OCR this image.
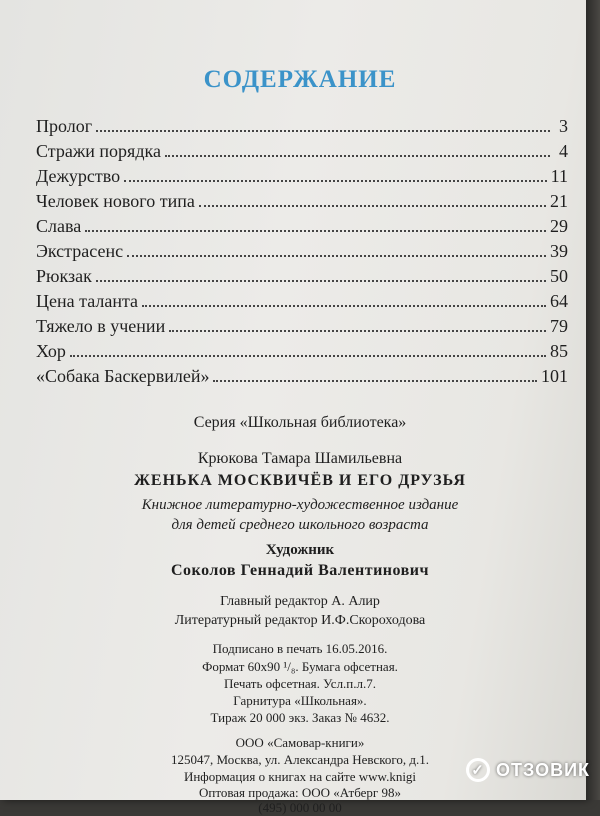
СОДЕРЖАНИЕ
Пролог	3
Стражи порядка	4
Дежурство	11
Человек нового типа	21
Слава	29
Экстрасенс	39
Рюкзак	50
Цена таланта	64
Тяжело в учении	79
Хор	85
«Собака Баскервилей»	101
Серия «Школьная библиотека»
Крюкова Тамара Шамильевна
ЖЕНЬКА МОСКВИЧЁВ И ЕГО ДРУЗЬЯ
Книжное литературно-художественное издание
для детей среднего школьного возраста
Художник
Соколов Геннадий Валентинович
Главный редактор А. Алир
Литературный редактор И.Ф.Скороходова
Подписано в печать 16.05.2016.
Формат 60х90 ¹/₈. Бумага офсетная.
Печать офсетная. Усл.п.л.7.
Гарнитура «Школьная».
Тираж 20 000 экз. Заказ № 4632.
ООО «Самовар-книги»
125047, Москва, ул. Александра Невского, д.1.
Информация о книгах на сайте www.knigi
Оптовая продажа: ООО «Атберг 98»
(495) 000 00 00
✓ ОТЗОВИК
